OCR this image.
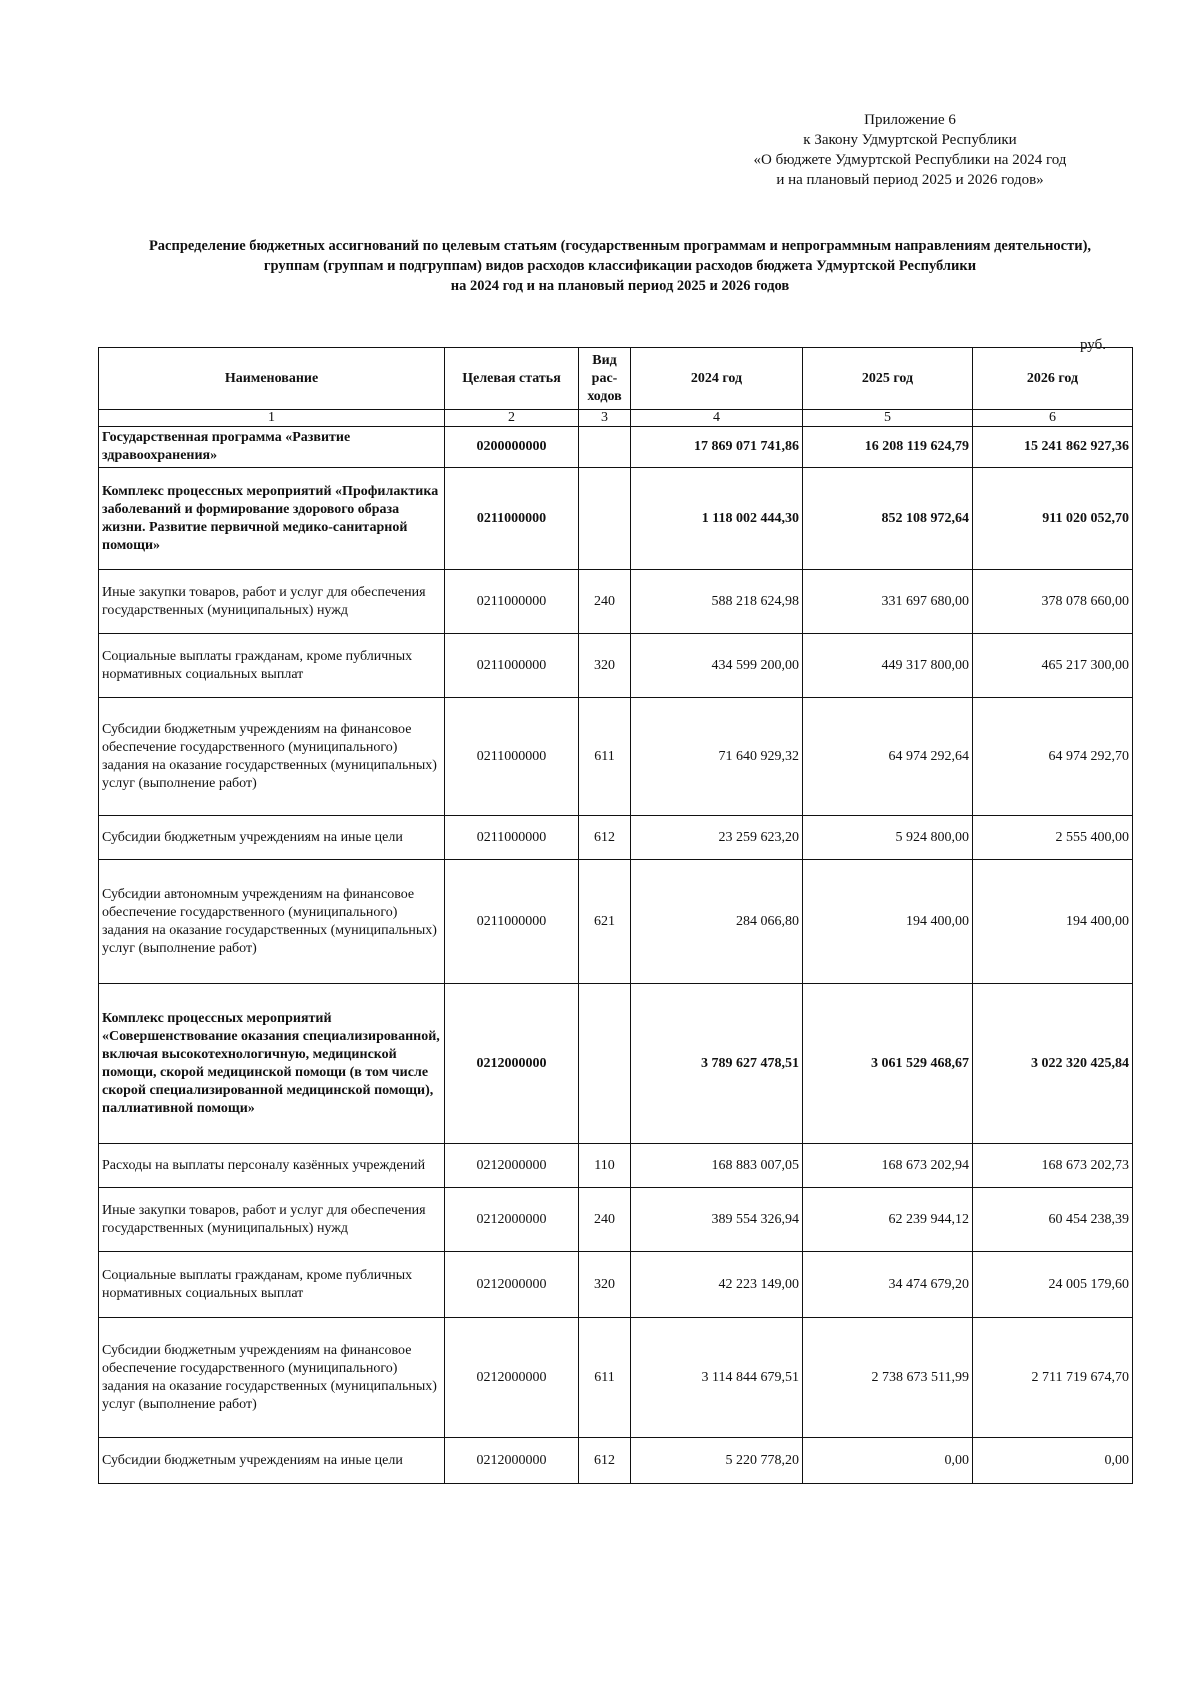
Приложение 6
к Закону Удмуртской Республики
«О бюджете Удмуртской Республики на 2024 год
и на плановый период 2025 и 2026 годов»
Распределение бюджетных ассигнований по целевым статьям (государственным программам и непрограммным направлениям деятельности),
группам (группам и подгруппам) видов расходов классификации расходов бюджета Удмуртской Республики
на 2024 год и на плановый период 2025 и 2026 годов
руб.
Наименование	Целевая статья	Вид рас-ходов	2024 год	2025 год	2026 год
1	2	3	4	5	6
Государственная программа «Развитие здравоохранения»	0200000000		17 869 071 741,86	16 208 119 624,79	15 241 862 927,36
Комплекс процессных мероприятий «Профилактика заболеваний и формирование здорового образа жизни. Развитие первичной медико-санитарной помощи»	0211000000		1 118 002 444,30	852 108 972,64	911 020 052,70
Иные закупки товаров, работ и услуг для обеспечения государственных (муниципальных) нужд	0211000000	240	588 218 624,98	331 697 680,00	378 078 660,00
Социальные выплаты гражданам, кроме публичных нормативных социальных выплат	0211000000	320	434 599 200,00	449 317 800,00	465 217 300,00
Субсидии бюджетным учреждениям на финансовое обеспечение государственного (муниципального) задания на оказание государственных (муниципальных) услуг (выполнение работ)	0211000000	611	71 640 929,32	64 974 292,64	64 974 292,70
Субсидии бюджетным учреждениям на иные цели	0211000000	612	23 259 623,20	5 924 800,00	2 555 400,00
Субсидии автономным учреждениям на финансовое обеспечение государственного (муниципального) задания на оказание государственных (муниципальных) услуг (выполнение работ)	0211000000	621	284 066,80	194 400,00	194 400,00
Комплекс процессных мероприятий «Совершенствование оказания специализированной, включая высокотехнологичную, медицинской помощи, скорой медицинской помощи (в том числе скорой специализированной медицинской помощи), паллиативной помощи»	0212000000		3 789 627 478,51	3 061 529 468,67	3 022 320 425,84
Расходы на выплаты персоналу казённых учреждений	0212000000	110	168 883 007,05	168 673 202,94	168 673 202,73
Иные закупки товаров, работ и услуг для обеспечения государственных (муниципальных) нужд	0212000000	240	389 554 326,94	62 239 944,12	60 454 238,39
Социальные выплаты гражданам, кроме публичных нормативных социальных выплат	0212000000	320	42 223 149,00	34 474 679,20	24 005 179,60
Субсидии бюджетным учреждениям на финансовое обеспечение государственного (муниципального) задания на оказание государственных (муниципальных) услуг (выполнение работ)	0212000000	611	3 114 844 679,51	2 738 673 511,99	2 711 719 674,70
Субсидии бюджетным учреждениям на иные цели	0212000000	612	5 220 778,20	0,00	0,00
